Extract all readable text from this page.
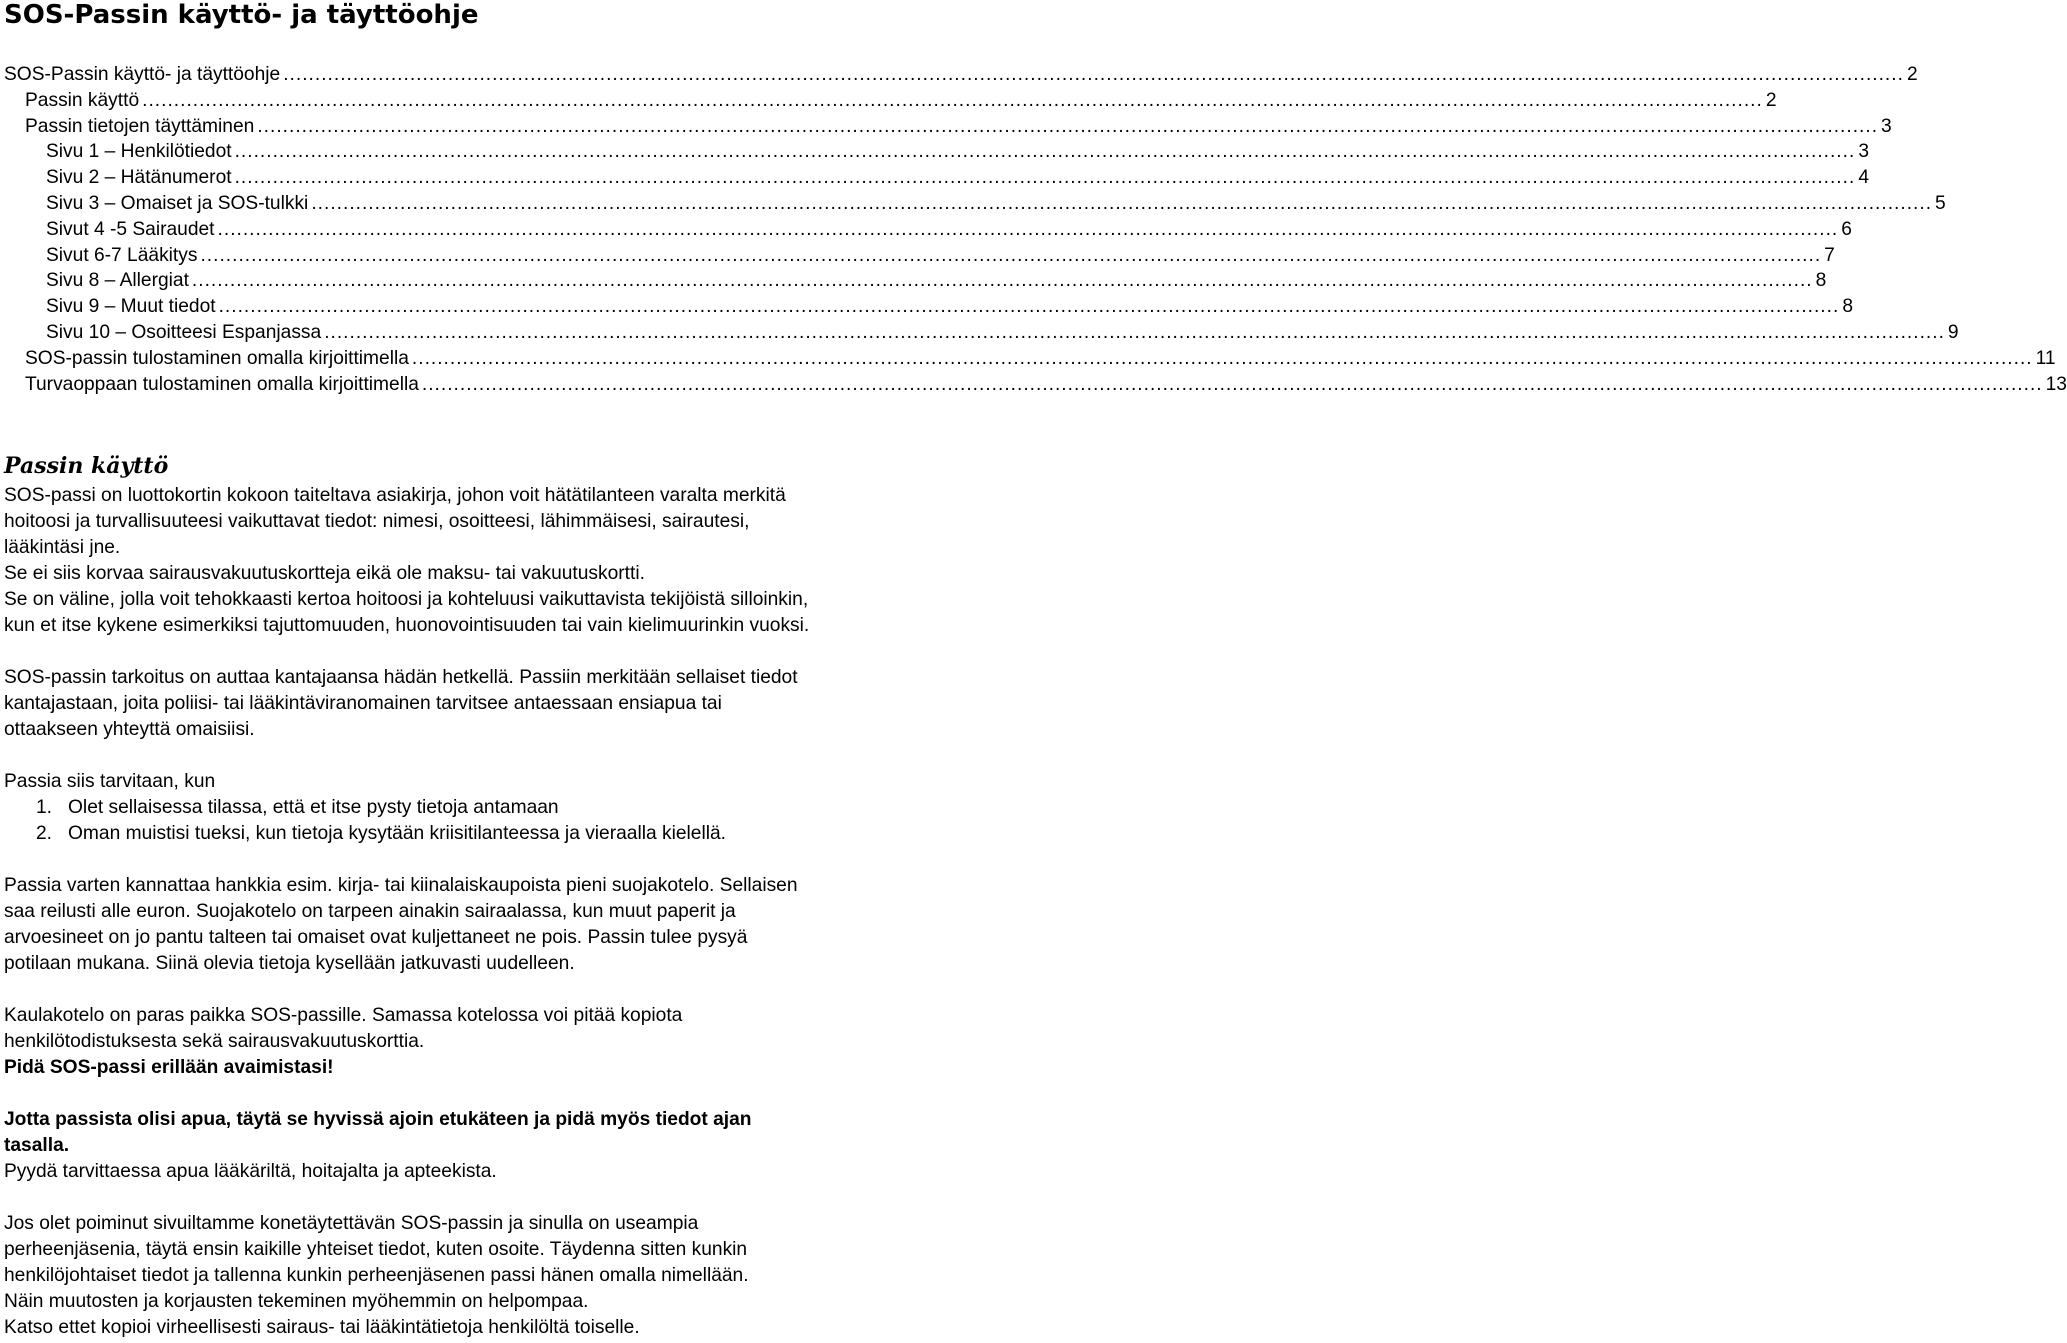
SOS-Passin käyttö- ja täyttöohje
SOS-Passin käyttö- ja täyttöohje .....	2
Passin käyttö .....	2
Passin tietojen täyttäminen .....	3
Sivu 1 – Henkilötiedot .....	3
Sivu 2 – Hätänumerot .....	4
Sivu 3 – Omaiset ja SOS-tulkki .....	5
Sivut 4 -5 Sairaudet .....	6
Sivut 6-7 Lääkitys .....	7
Sivu 8 – Allergiat .....	8
Sivu 9 – Muut tiedot .....	8
Sivu 10 – Osoitteesi Espanjassa .....	9
SOS-passin tulostaminen omalla kirjoittimella .....	11
Turvaoppaan tulostaminen omalla kirjoittimella .....	13
Passin käyttö

SOS-passi on luottokortin kokoon taiteltava asiakirja, johon voit hätätilanteen varalta merkitä

hoitoosi ja turvallisuuteesi vaikuttavat tiedot: nimesi, osoitteesi, lähimmäisesi, sairautesi,

lääkintäsi jne.

Se ei siis korvaa sairausvakuutuskortteja eikä ole maksu- tai vakuutuskortti.

Se on väline, jolla voit tehokkaasti kertoa hoitoosi ja kohteluusi vaikuttavista tekijöistä silloinkin,

kun et itse kykene esimerkiksi tajuttomuuden, huonovointisuuden tai vain kielimuurinkin vuoksi.

SOS-passin tarkoitus on auttaa kantajaansa hädän hetkellä. Passiin merkitään sellaiset tiedot

kantajastaan, joita poliisi- tai lääkintäviranomainen tarvitsee antaessaan ensiapua tai

ottaakseen yhteyttä omaisiisi.

Passia siis tarvitaan, kun

1. Olet sellaisessa tilassa, että et itse pysty tietoja antamaan
2. Oman muistisi tueksi, kun tietoja kysytään kriisitilanteessa ja vieraalla kielellä.

Passia varten kannattaa hankkia esim. kirja- tai kiinalaiskaupoista pieni suojakotelo. Sellaisen

saa reilusti alle euron. Suojakotelo on tarpeen ainakin sairaalassa, kun muut paperit ja

arvoesineet on jo pantu talteen tai omaiset ovat kuljettaneet ne pois. Passin tulee pysyä

potilaan mukana. Siinä olevia tietoja kysellään jatkuvasti uudelleen.

Kaulakotelo on paras paikka SOS-passille. Samassa kotelossa voi pitää kopiota

henkilötodistuksesta sekä sairausvakuutuskorttia.

Pidä SOS-passi erillään avaimistasi!

Jotta passista olisi apua, täytä se hyvissä ajoin etukäteen ja pidä myös tiedot ajan

tasalla.

Pyydä tarvittaessa apua lääkäriltä, hoitajalta ja apteekista.

Jos olet poiminut sivuiltamme konetäytettävän SOS-passin ja sinulla on useampia

perheenjäsenia, täytä ensin kaikille yhteiset tiedot, kuten osoite. Täydenna sitten kunkin

henkilöjohtaiset tiedot ja tallenna kunkin perheenjäsenen passi hänen omalla nimellään.

Näin muutosten ja korjausten tekeminen myöhemmin on helpompaa.

Katso ettet kopioi virheellisesti sairaus- tai lääkintätietoja henkilöltä toiselle.
